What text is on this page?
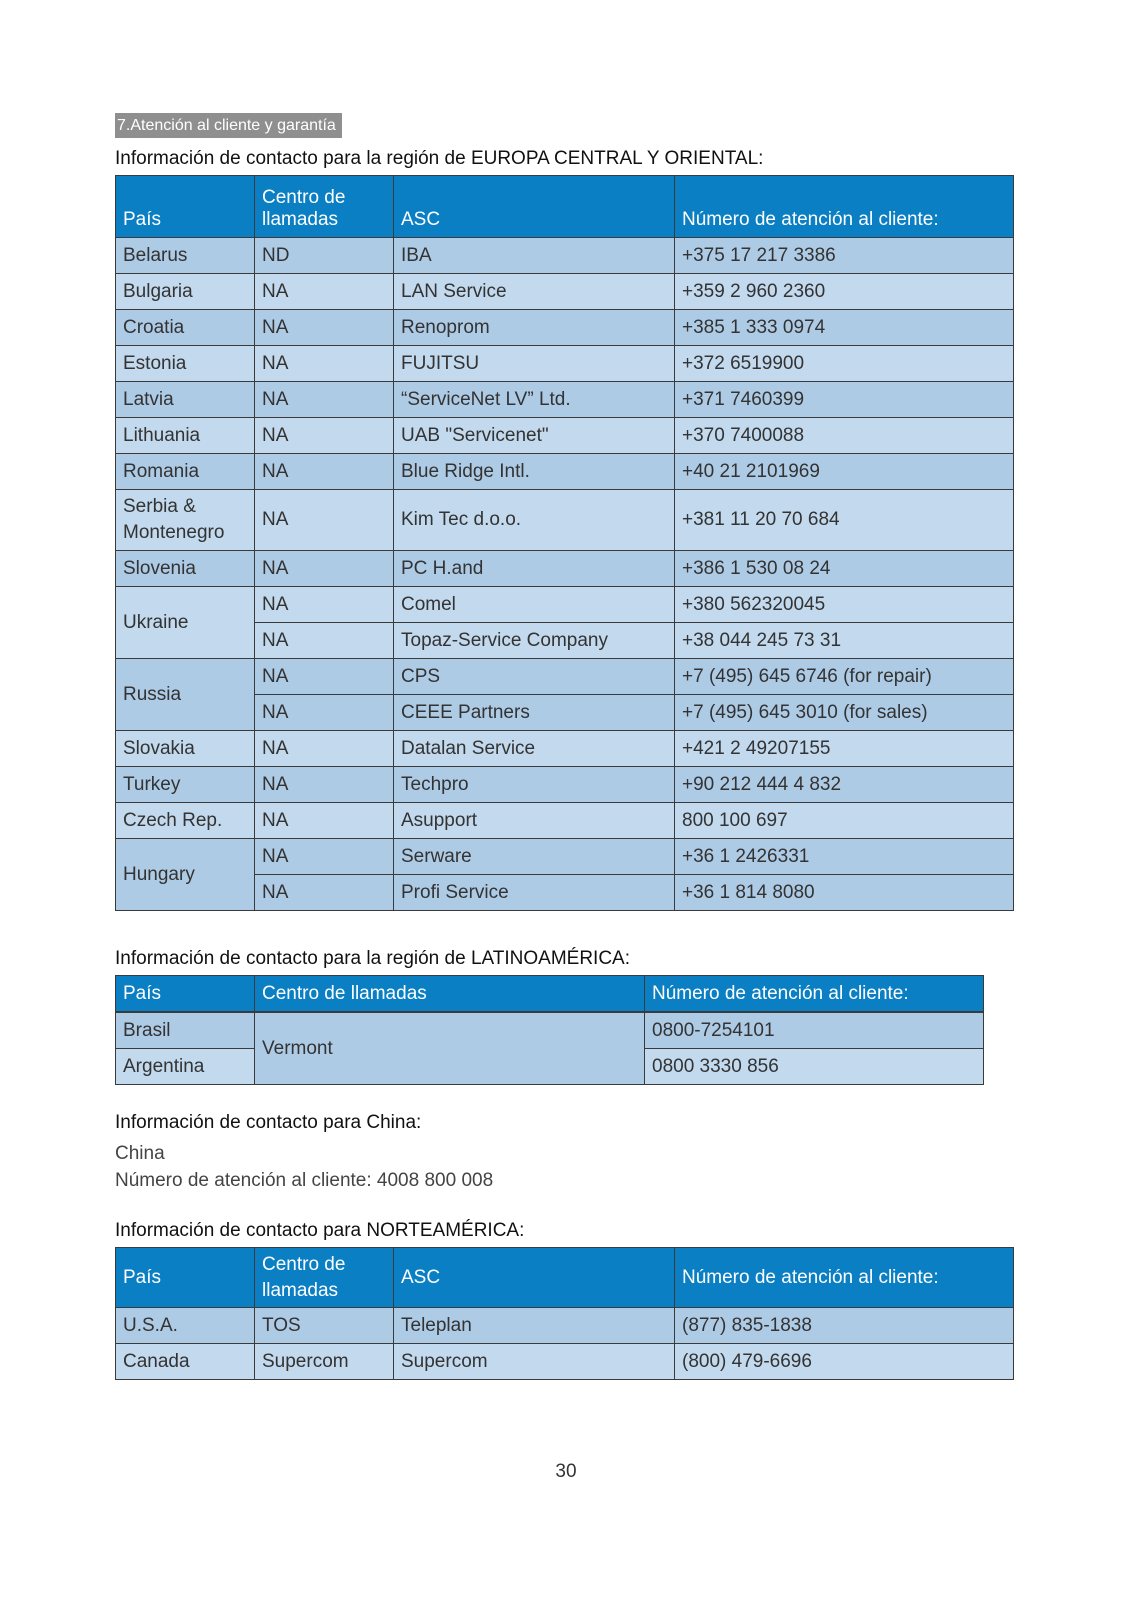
7.Atención al cliente y garantía
Información de contacto para la región de EUROPA CENTRAL Y ORIENTAL:
País	Centro de llamadas	ASC	Número de atención al cliente:
Belarus	ND	IBA	+375 17 217 3386
Bulgaria	NA	LAN Service	+359 2 960 2360
Croatia	NA	Renoprom	+385 1 333 0974
Estonia	NA	FUJITSU	+372 6519900
Latvia	NA	“ServiceNet LV” Ltd.	+371 7460399
Lithuania	NA	UAB "Servicenet"	+370 7400088
Romania	NA	Blue Ridge Intl.	+40 21 2101969
Serbia & Montenegro	NA	Kim Tec d.o.o.	+381 11 20 70 684
Slovenia	NA	PC H.and	+386 1 530 08 24
Ukraine	NA	Comel	+380 562320045
	NA	Topaz-Service Company	+38 044 245 73 31
Russia	NA	CPS	+7 (495) 645 6746 (for repair)
	NA	CEEE Partners	+7 (495) 645 3010 (for sales)
Slovakia	NA	Datalan Service	+421 2 49207155
Turkey	NA	Techpro	+90 212 444 4 832
Czech Rep.	NA	Asupport	800 100 697
Hungary	NA	Serware	+36 1 2426331
	NA	Profi Service	+36 1 814 8080
Información de contacto para la región de LATINOAMÉRICA:
País	Centro de llamadas		Número de atención al cliente:

Brasil	Vermont		0800-7254101
Argentina			0800 3330 856
Información de contacto para China:
China
Número de atención al cliente: 4008 800 008
Información de contacto para NORTEAMÉRICA:
País	Centro de llamadas	ASC	Número de atención al cliente:
U.S.A.	TOS	Teleplan	(877) 835-1838
Canada	Supercom	Supercom	(800) 479-6696
30
